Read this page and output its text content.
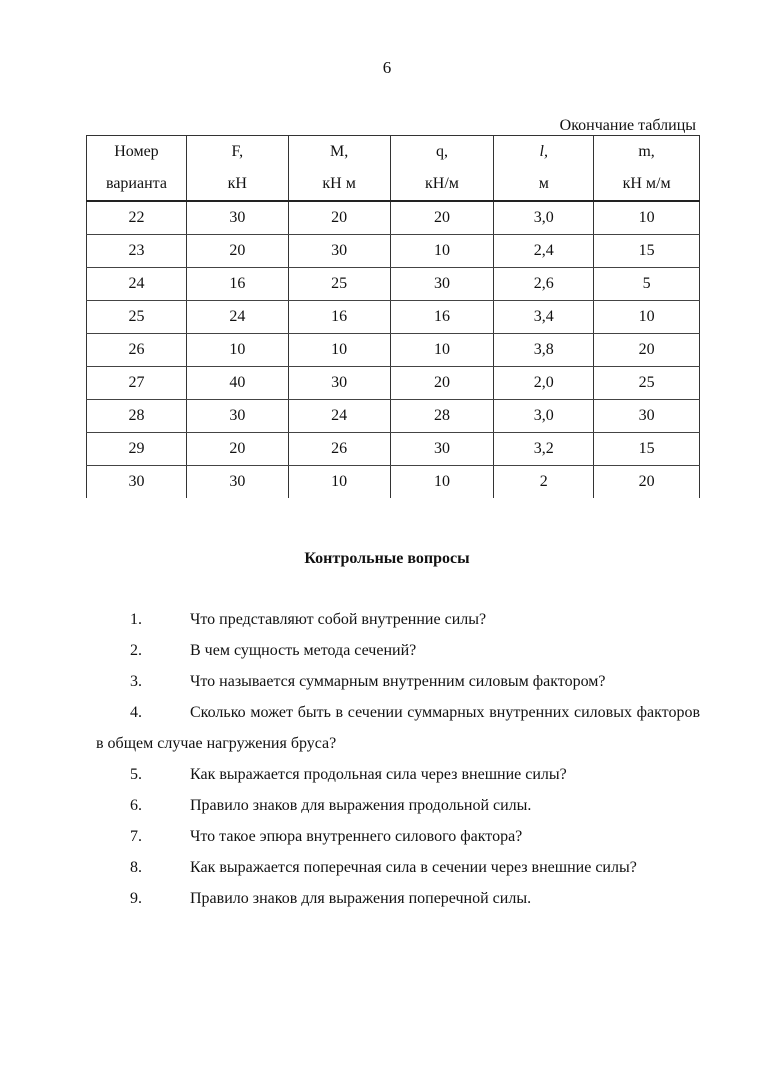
6
Окончание таблицы
Номер	F,	M,	q,	l,	m,
варианта	кН	кН м	кН/м	м	кН м/м
22	30	20	20	3,0	10
23	20	30	10	2,4	15
24	16	25	30	2,6	5
25	24	16	16	3,4	10
26	10	10	10	3,8	20
27	40	30	20	2,0	25
28	30	24	28	3,0	30
29	20	26	30	3,2	15
30	30	10	10	2	20
Контрольные вопросы
1.	Что представляют собой внутренние силы?
2.	В чем сущность метода сечений?
3.	Что называется суммарным внутренним силовым фактором?
4.	Сколько может быть в сечении суммарных внутренних силовых факторов в общем случае нагружения бруса?
5.	Как выражается продольная сила через внешние силы?
6.	Правило знаков для выражения продольной силы.
7.	Что такое эпюра внутреннего силового фактора?
8.	Как выражается поперечная сила в сечении через внешние силы?
9.	Правило знаков для выражения поперечной силы.
